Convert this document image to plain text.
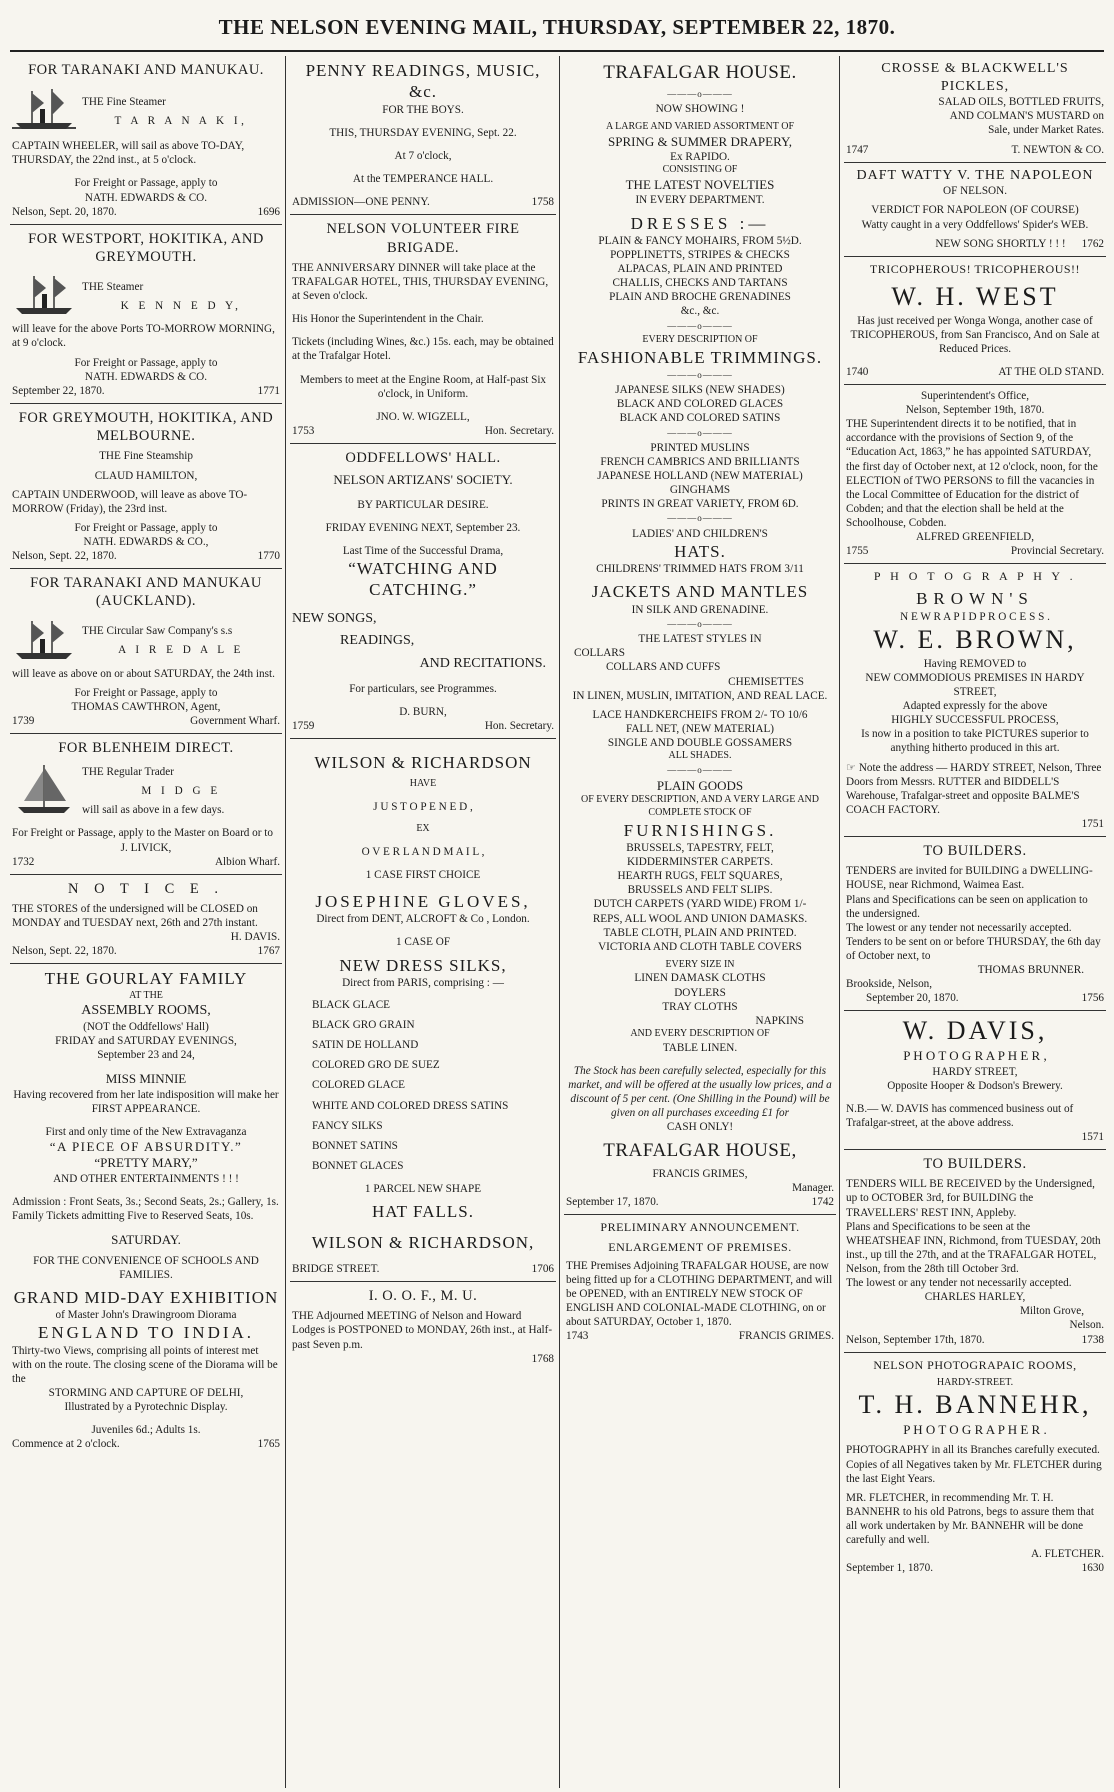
THE NELSON EVENING MAIL, THURSDAY, SEPTEMBER 22, 1870.
FOR TARANAKI AND MANUKAU.
THE Fine Steamer
T A R A N A K I,
CAPTAIN WHEELER, will sail as above TO-DAY, THURSDAY, the 22nd inst., at 5 o'clock.
For Freight or Passage, apply to
NATH. EDWARDS & CO.
Nelson, Sept. 20, 1870.	1696
FOR WESTPORT, HOKITIKA, AND GREYMOUTH.
THE Steamer
K E N N E D Y,
will leave for the above Ports TO-MORROW MORNING, at 9 o'clock.
For Freight or Passage, apply to
NATH. EDWARDS & CO.
September 22, 1870.	1771
FOR GREYMOUTH, HOKITIKA, AND MELBOURNE.
THE Fine Steamship
CLAUD HAMILTON,
CAPTAIN UNDERWOOD, will leave as above TO-MORROW (Friday), the 23rd inst.
For Freight or Passage, apply to
NATH. EDWARDS & CO.,
Nelson, Sept. 22, 1870.	1770
FOR TARANAKI AND MANUKAU (AUCKLAND).
THE Circular Saw Company's s.s
A I R E D A L E
will leave as above on or about SATURDAY, the 24th inst.
For Freight or Passage, apply to
THOMAS CAWTHRON, Agent,
1739	Government Wharf.
FOR BLENHEIM DIRECT.
THE Regular Trader
M I D G E
will sail as above in a few days.
For Freight or Passage, apply to the Master on Board or to
J. LIVICK,
1732	Albion Wharf.
N O T I C E .
THE STORES of the undersigned will be CLOSED on MONDAY and TUESDAY next, 26th and 27th instant.
H. DAVIS.
Nelson, Sept. 22, 1870.	1767
THE GOURLAY FAMILY
AT THE
ASSEMBLY ROOMS,
(NOT the Oddfellows' Hall)
FRIDAY and SATURDAY EVENINGS,
September 23 and 24,
MISS MINNIE
Having recovered from her late indisposition will make her FIRST APPEARANCE.
First and only time of the New Extravaganza
“A PIECE OF ABSURDITY.”
“PRETTY MARY,”
AND OTHER ENTERTAINMENTS ! ! !
Admission : Front Seats, 3s.; Second Seats, 2s.; Gallery, 1s. Family Tickets admitting Five to Reserved Seats, 10s.
SATURDAY.
FOR THE CONVENIENCE OF SCHOOLS AND FAMILIES.
GRAND MID-DAY EXHIBITION
of Master John's Drawingroom Diorama
ENGLAND TO INDIA.
Thirty-two Views, comprising all points of interest met with on the route. The closing scene of the Diorama will be the
STORMING AND CAPTURE OF DELHI,
Illustrated by a Pyrotechnic Display.
Juveniles 6d.; Adults 1s.
Commence at 2 o'clock.	1765
PENNY READINGS, MUSIC, &c.
FOR THE BOYS.
THIS, THURSDAY EVENING, Sept. 22.
At 7 o'clock,
At the TEMPERANCE HALL.
ADMISSION—ONE PENNY.	1758
NELSON VOLUNTEER FIRE BRIGADE.
THE ANNIVERSARY DINNER will take place at the TRAFALGAR HOTEL, THIS, THURSDAY EVENING, at Seven o'clock.
His Honor the Superintendent in the Chair.
Tickets (including Wines, &c.) 15s. each, may be obtained at the Trafalgar Hotel.
Members to meet at the Engine Room, at Half-past Six o'clock, in Uniform.
JNO. W. WIGZELL,
1753	Hon. Secretary.
ODDFELLOWS' HALL.
NELSON ARTIZANS' SOCIETY.
BY PARTICULAR DESIRE.
FRIDAY EVENING NEXT, September 23.
Last Time of the Successful Drama,
“WATCHING AND CATCHING.”
NEW SONGS,
READINGS,
AND RECITATIONS.
For particulars, see Programmes.
D. BURN,
1759	Hon. Secretary.
WILSON & RICHARDSON
HAVE
J U S T O P E N E D ,
EX
O V E R L A N D M A I L ,
1 CASE FIRST CHOICE
JOSEPHINE GLOVES,
Direct from DENT, ALCROFT & Co , London.
1 CASE OF
NEW DRESS SILKS,
Direct from PARIS, comprising : —
BLACK GLACE
BLACK GRO GRAIN
SATIN DE HOLLAND
COLORED GRO DE SUEZ
COLORED GLACE
WHITE AND COLORED DRESS SATINS
FANCY SILKS
BONNET SATINS
BONNET GLACES
1 PARCEL NEW SHAPE
HAT FALLS.
WILSON & RICHARDSON,
BRIDGE STREET.	1706
I. O. O. F., M. U.
THE Adjourned MEETING of Nelson and Howard Lodges is POSTPONED to MONDAY, 26th inst., at Half-past Seven p.m.
1768
TRAFALGAR HOUSE.
———o———
NOW SHOWING !
A LARGE AND VARIED ASSORTMENT OF
SPRING & SUMMER DRAPERY,
Ex RAPIDO.
CONSISTING OF
THE LATEST NOVELTIES
IN EVERY DEPARTMENT.
DRESSES :—
PLAIN & FANCY MOHAIRS, FROM 5½D.
POPPLINETTS, STRIPES & CHECKS
ALPACAS, PLAIN AND PRINTED
CHALLIS, CHECKS AND TARTANS
PLAIN AND BROCHE GRENADINES
&c., &c.
———o———
EVERY DESCRIPTION OF
FASHIONABLE TRIMMINGS.
———o———
JAPANESE SILKS (NEW SHADES)
BLACK AND COLORED GLACES
BLACK AND COLORED SATINS
———o———
PRINTED MUSLINS
FRENCH CAMBRICS AND BRILLIANTS
JAPANESE HOLLAND (NEW MATERIAL)
GINGHAMS
PRINTS IN GREAT VARIETY, FROM 6D.
———o———
LADIES' AND CHILDREN'S
HATS.
CHILDRENS' TRIMMED HATS FROM 3/11
JACKETS AND MANTLES
IN SILK AND GRENADINE.
———o———
THE LATEST STYLES IN
COLLARS
COLLARS AND CUFFS
CHEMISETTES
IN LINEN, MUSLIN, IMITATION, AND REAL LACE.
LACE HANDKERCHEIFS FROM 2/- TO 10/6
FALL NET, (NEW MATERIAL)
SINGLE AND DOUBLE GOSSAMERS
ALL SHADES.
———o———
PLAIN GOODS
OF EVERY DESCRIPTION, AND A VERY LARGE AND COMPLETE STOCK OF
FURNISHINGS.
BRUSSELS, TAPESTRY, FELT,
KIDDERMINSTER CARPETS.
HEARTH RUGS, FELT SQUARES,
BRUSSELS AND FELT SLIPS.
DUTCH CARPETS (YARD WIDE) FROM 1/-
REPS, ALL WOOL AND UNION DAMASKS.
TABLE CLOTH, PLAIN AND PRINTED.
VICTORIA AND CLOTH TABLE COVERS
EVERY SIZE IN
LINEN DAMASK CLOTHS
DOYLERS
TRAY CLOTHS
NAPKINS
AND EVERY DESCRIPTION OF
TABLE LINEN.
The Stock has been carefully selected, especially for this market, and will be offered at the usually low prices, and a discount of 5 per cent. (One Shilling in the Pound) will be given on all purchases exceeding £1 for
CASH ONLY!
TRAFALGAR HOUSE,
FRANCIS GRIMES,
Manager.
September 17, 1870.	1742
PRELIMINARY ANNOUNCEMENT.
ENLARGEMENT OF PREMISES.
THE Premises Adjoining TRAFALGAR HOUSE, are now being fitted up for a CLOTHING DEPARTMENT, and will be OPENED, with an ENTIRELY NEW STOCK OF ENGLISH AND COLONIAL-MADE CLOTHING, on or about SATURDAY, October 1, 1870.
1743	FRANCIS GRIMES.
CROSSE & BLACKWELL'S PICKLES,
SALAD OILS, BOTTLED FRUITS,
AND COLMAN'S MUSTARD on
Sale, under Market Rates.
1747	T. NEWTON & CO.
DAFT WATTY V. THE NAPOLEON
OF NELSON.
VERDICT FOR NAPOLEON (OF COURSE)
Watty caught in a very Oddfellows' Spider's WEB.
NEW SONG SHORTLY ! ! ! 1762
TRICOPHEROUS! TRICOPHEROUS!!
W. H. WEST
Has just received per Wonga Wonga, another case of TRICOPHEROUS, from San Francisco, And on Sale at Reduced Prices.
1740	AT THE OLD STAND.
Superintendent's Office,
Nelson, September 19th, 1870.
THE Superintendent directs it to be notified, that in accordance with the provisions of Section 9, of the “Education Act, 1863,” he has appointed SATURDAY, the first day of October next, at 12 o'clock, noon, for the ELECTION of TWO PERSONS to fill the vacancies in the Local Committee of Education for the district of Cobden; and that the election shall be held at the Schoolhouse, Cobden.
ALFRED GREENFIELD,
1755	Provincial Secretary.
P H O T O G R A P H Y .
BROWN'S
N E W R A P I D P R O C E S S .
W. E. BROWN,
Having REMOVED to
NEW COMMODIOUS PREMISES IN HARDY STREET,
Adapted expressly for the above
HIGHLY SUCCESSFUL PROCESS,
Is now in a position to take PICTURES superior to anything hitherto produced in this art.
☞ Note the address — HARDY STREET, Nelson, Three Doors from Messrs. RUTTER and BIDDELL'S Warehouse, Trafalgar-street and opposite BALME'S COACH FACTORY.
1751
TO BUILDERS.
TENDERS are invited for BUILDING a DWELLING-HOUSE, near Richmond, Waimea East.
Plans and Specifications can be seen on application to the undersigned.
The lowest or any tender not necessarily accepted.
Tenders to be sent on or before THURSDAY, the 6th day of October next, to
THOMAS BRUNNER.
Brookside, Nelson,
September 20, 1870.	1756
W. DAVIS,
P H O T O G R A P H E R ,
HARDY STREET,
Opposite Hooper & Dodson's Brewery.
N.B.— W. DAVIS has commenced business out of Trafalgar-street, at the above address.
1571
TO BUILDERS.
TENDERS WILL BE RECEIVED by the Undersigned, up to OCTOBER 3rd, for BUILDING the TRAVELLERS' REST INN, Appleby.
Plans and Specifications to be seen at the WHEATSHEAF INN, Richmond, from TUESDAY, 20th inst., up till the 27th, and at the TRAFALGAR HOTEL, Nelson, from the 28th till October 3rd.
The lowest or any tender not necessarily accepted.
CHARLES HARLEY,
Milton Grove,
Nelson.
Nelson, September 17th, 1870.	1738
NELSON PHOTOGRAPAIC ROOMS,
HARDY-STREET.
T. H. BANNEHR,
P H O T O G R A P H E R .
PHOTOGRAPHY in all its Branches carefully executed. Copies of all Negatives taken by Mr. FLETCHER during the last Eight Years.
MR. FLETCHER, in recommending Mr. T. H. BANNEHR to his old Patrons, begs to assure them that all work undertaken by Mr. BANNEHR will be done carefully and well.
A. FLETCHER.
September 1, 1870.	1630
